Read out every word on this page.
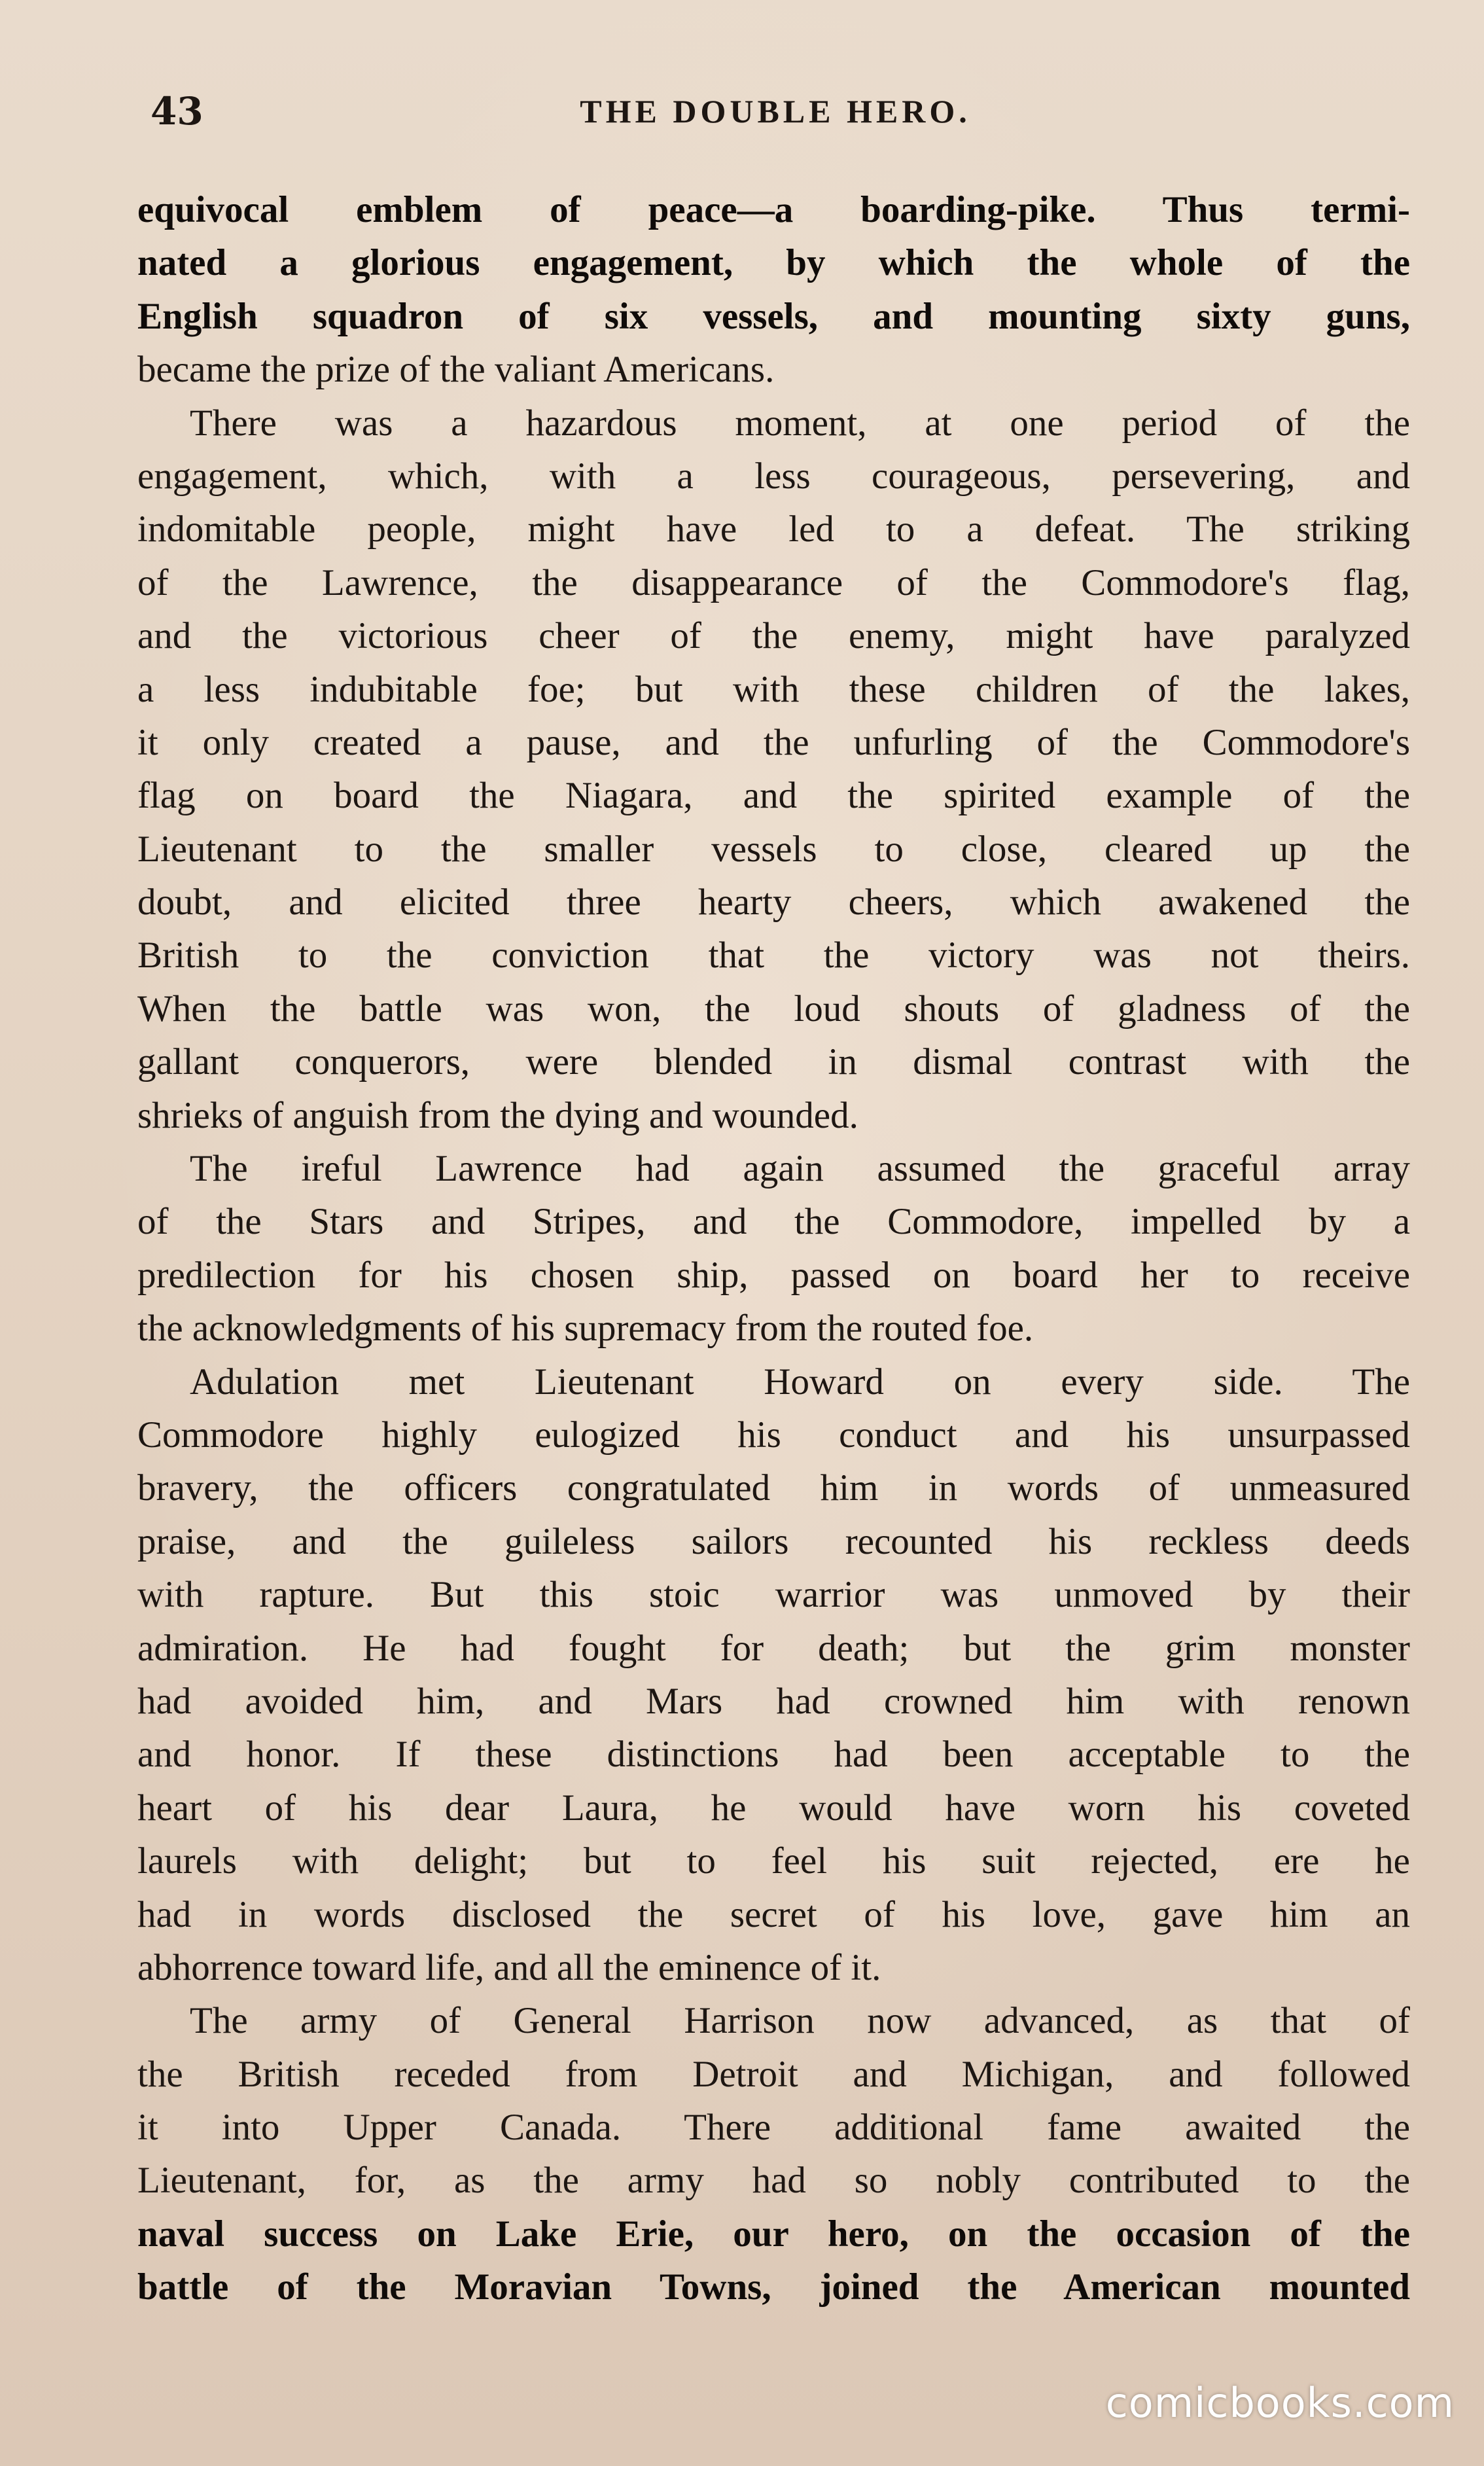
43	THE DOUBLE HERO.
equivocal emblem of peace—a boarding-pike. Thus termi-
nated a glorious engagement, by which the whole of the
English squadron of six vessels, and mounting sixty guns,
became the prize of the valiant Americans.
There was a hazardous moment, at one period of the
engagement, which, with a less courageous, persevering, and
indomitable people, might have led to a defeat. The striking
of the Lawrence, the disappearance of the Commodore's flag,
and the victorious cheer of the enemy, might have paralyzed
a less indubitable foe; but with these children of the lakes,
it only created a pause, and the unfurling of the Commodore's
flag on board the Niagara, and the spirited example of the
Lieutenant to the smaller vessels to close, cleared up the
doubt, and elicited three hearty cheers, which awakened the
British to the conviction that the victory was not theirs.
When the battle was won, the loud shouts of gladness of the
gallant conquerors, were blended in dismal contrast with the
shrieks of anguish from the dying and wounded.
The ireful Lawrence had again assumed the graceful array
of the Stars and Stripes, and the Commodore, impelled by a
predilection for his chosen ship, passed on board her to receive
the acknowledgments of his supremacy from the routed foe.
Adulation met Lieutenant Howard on every side. The
Commodore highly eulogized his conduct and his unsurpassed
bravery, the officers congratulated him in words of unmeasured
praise, and the guileless sailors recounted his reckless deeds
with rapture. But this stoic warrior was unmoved by their
admiration. He had fought for death; but the grim monster
had avoided him, and Mars had crowned him with renown
and honor. If these distinctions had been acceptable to the
heart of his dear Laura, he would have worn his coveted
laurels with delight; but to feel his suit rejected, ere he
had in words disclosed the secret of his love, gave him an
abhorrence toward life, and all the eminence of it.
The army of General Harrison now advanced, as that of
the British receded from Detroit and Michigan, and followed
it into Upper Canada. There additional fame awaited the
Lieutenant, for, as the army had so nobly contributed to the
naval success on Lake Erie, our hero, on the occasion of the
battle of the Moravian Towns, joined the American mounted
comicbooks.com
